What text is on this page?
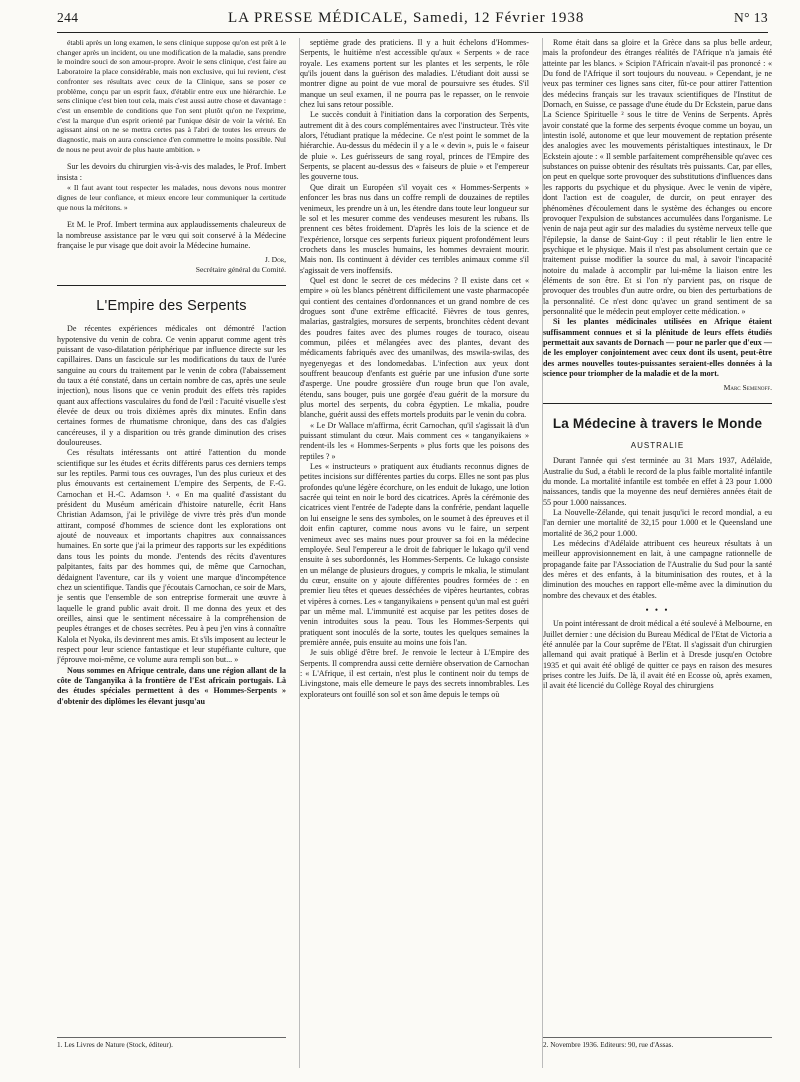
244	LA PRESSE MÉDICALE, Samedi, 12 Février 1938	N° 13

établi après un long examen, le sens clinique suppose qu'on est prêt à le changer après un incident, ou une modification de la maladie, sans prendre le moindre souci de son amour-propre. Avoir le sens clinique, c'est faire au Laboratoire la place considérable, mais non exclusive, qui lui revient, c'est confronter ses résultats avec ceux de la Clinique, sans se poser ce problème, conçu par un esprit faux, d'établir entre eux une hiérarchie. Le sens clinique c'est bien tout cela, mais c'est aussi autre chose et davantage : c'est un ensemble de conditions que l'on sent plutôt qu'on ne l'exprime, c'est la marque d'un esprit orienté par l'unique désir de voir la vérité. En agissant ainsi on ne se mettra certes pas à l'abri de toutes les erreurs de diagnostic, mais on aura conscience d'en commettre le moins possible. Nul de nous ne peut avoir de plus haute ambition. »

Sur les devoirs du chirurgien vis-à-vis des malades, le Prof. Imbert insista :

« Il faut avant tout respecter les malades, nous devons nous montrer dignes de leur confiance, et mieux encore leur communiquer la certitude que nous la méritons. »

Et M. le Prof. Imbert termina aux applaudissements chaleureux de la nombreuse assistance par le vœu qui soit conservé à la Médecine française le pur visage que doit avoir la Médecine humaine.

J. Dor,

Secrétaire général du Comité.

L'Empire des Serpents

De récentes expériences médicales ont démontré l'action hypotensive du venin de cobra. Ce venin apparut comme agent très puissant de vaso-dilatation périphérique par influence directe sur les capillaires. Dans un fascicule sur les modifications du taux de l'urée sanguine au cours du traitement par le venin de cobra (l'abaissement du taux a été constaté, dans un certain nombre de cas, après une seule injection), nous lisons que ce venin produit des effets très rapides quant aux affections vasculaires du fond de l'œil : l'acuité visuelle s'est élevée de deux ou trois dixièmes après dix minutes. Enfin dans certaines formes de rhumatisme chronique, dans des cas d'algies cancéreuses, il y a disparition ou très grande diminution des crises douloureuses.

Ces résultats intéressants ont attiré l'attention du monde scientifique sur les études et écrits différents parus ces derniers temps sur les reptiles. Parmi tous ces ouvrages, l'un des plus curieux et des plus émouvants est certainement L'empire des Serpents, de F.-G. Carnochan et H.-C. Adamson ¹. « En ma qualité d'assistant du président du Muséum américain d'histoire naturelle, écrit Hans Christian Adamson, j'ai le privilège de vivre très près d'un monde attirant, composé d'hommes de science dont les explorations ont ajouté de nouveaux et importants chapitres aux connaissances humaines. En sorte que j'ai la primeur des rapports sur les expéditions dans tous les points du monde. J'entends des récits d'aventures palpitantes, faits par des hommes qui, de même que Carnochan, dédaignent l'aventure, car ils y voient une marque d'incompétence chez un scientifique. Tandis que j'écoutais Carnochan, ce soir de Mars, je sentis que l'ensemble de son entreprise formerait une œuvre à laquelle le grand public avait droit. Il me donna des yeux et des oreilles, ainsi que le sentiment nécessaire à la compréhension de peuples étranges et de choses secrètes. Peu à peu j'en vins à connaître Kalola et Nyoka, ils devinrent mes amis. Et s'ils imposent au lecteur le respect pour leur science fantastique et leur stupéfiante culture, que j'éprouve moi-même, ce volume aura rempli son but... »

Nous sommes en Afrique centrale, dans une région allant de la côte de Tanganyika à la frontière de l'Est africain portugais. Là des études spéciales permettent à des « Hommes-Serpents » d'obtenir des diplômes les élevant jusqu'au

1. Les Livres de Nature (Stock, éditeur).

septième grade des praticiens. Il y a huit échelons d'Hommes-Serpents, le huitième n'est accessible qu'aux « Serpents » de race royale. Les examens portent sur les plantes et les serpents, le rôle qu'ils jouent dans la guérison des maladies. L'étudiant doit aussi se montrer digne au point de vue moral de poursuivre ses études. S'il manque un seul examen, il ne pourra pas le repasser, on le renvoie chez lui sans retour possible.

Le succès conduit à l'initiation dans la corporation des Serpents, autrement dit à des cours complémentaires avec l'instructeur. Très vite alors, l'étudiant pratique la médecine. Ce n'est point le sommet de la hiérarchie. Au-dessus du médecin il y a le « devin », puis le « faiseur de pluie ». Les guérisseurs de sang royal, princes de l'Empire des Serpents, se placent au-dessus des « faiseurs de pluie » et l'empereur les gouverne tous.

Que dirait un Européen s'il voyait ces « Hommes-Serpents » enfoncer les bras nus dans un coffre rempli de douzaines de reptiles venimeux, les prendre un à un, les étendre dans toute leur longueur sur le sol et les mesurer comme des vendeuses mesurent les rubans. Ils prennent ces bêtes froidement. D'après les lois de la science et de l'expérience, lorsque ces serpents furieux piquent profondément leurs crochets dans les muscles humains, les hommes devraient mourir. Mais non. Ils continuent à dévider ces terribles animaux comme s'il s'agissait de vers inoffensifs.

Quel est donc le secret de ces médecins ? Il existe dans cet « empire » où les blancs pénètrent difficilement une vaste pharmacopée qui contient des centaines d'ordonnances et un grand nombre de ces drogues sont d'une extrême efficacité. Fièvres de tous genres, malarias, gastralgies, morsures de serpents, bronchites cèdent devant des poudres faites avec des plumes rouges de touraco, oiseau commun, pilées et mélangées avec des plantes, devant des médicaments fabriqués avec des umanilwas, des mswila-swilas, des nyegenyegas et des londomedabas. L'infection aux yeux dont souffrent beaucoup d'enfants est guérie par une infusion d'une sorte d'asperge. Une poudre grossière d'un rouge brun que l'on avale, étendu, sans bouger, puis une gorgée d'eau guérit de la morsure du plus mortel des serpents, du cobra égyptien. Le mkalia, poudre blanche, guérit aussi des effets mortels produits par le venin du cobra.

« Le Dr Wallace m'affirma, écrit Carnochan, qu'il s'agissait là d'un puissant stimulant du cœur. Mais comment ces « tanganyikaiens » rendent-ils les « Hommes-Serpents » plus forts que les poisons des reptiles ? »

Les « instructeurs » pratiquent aux étudiants reconnus dignes de petites incisions sur différentes parties du corps. Elles ne sont pas plus profondes qu'une légère écorchure, on les enduit de lukago, une lotion sacrée qui teint en noir le bord des cicatrices. Après la cérémonie des cicatrices vient l'entrée de l'adepte dans la confrérie, pendant laquelle on lui enseigne le sens des symboles, on le soumet à des épreuves et il doit enfin capturer, comme nous avons vu le faire, un serpent venimeux avec ses mains nues pour prouver sa foi en la médecine employée. Seul l'empereur a le droit de fabriquer le lukago qu'il vend ensuite à ses subordonnés, les Hommes-Serpents. Ce lukago consiste en un mélange de plusieurs drogues, y compris le mkalia, le stimulant du cœur, ensuite on y ajoute différentes poudres formées de : en premier lieu têtes et queues desséchées de vipères heurtantes, cobras et vipères à cornes. Les « tanganyikaiens » pensent qu'un mal est guéri par un même mal. L'immunité est acquise par les petites doses de venin introduites sous la peau. Tous les Hommes-Serpents qui pratiquent sont inoculés de la sorte, toutes les quelques semaines la première année, puis ensuite au moins une fois l'an.

Je suis obligé d'être bref. Je renvoie le lecteur à L'Empire des Serpents. Il comprendra aussi cette dernière observation de Carnochan : « L'Afrique, il est certain, n'est plus le continent noir du temps de Livingstone, mais elle demeure le pays des secrets innombrables. Les explorateurs ont fouillé son sol et son âme depuis le temps où

Rome était dans sa gloire et la Grèce dans sa plus belle ardeur, mais la profondeur des étranges réalités de l'Afrique n'a jamais été atteinte par les blancs. » Scipion l'Africain n'avait-il pas prononcé : « Du fond de l'Afrique il sort toujours du nouveau. » Cependant, je ne veux pas terminer ces lignes sans citer, fût-ce pour attirer l'attention des médecins français sur les travaux scientifiques de l'Institut de Dornach, en Suisse, ce passage d'une étude du Dr Eckstein, parue dans La Science Spirituelle ² sous le titre de Venins de Serpents. Après avoir constaté que la forme des serpents évoque comme un boyau, un intestin isolé, autonome et que leur mouvement de reptation présente des analogies avec les mouvements péristaltiques intestinaux, le Dr Eckstein ajoute : « Il semble parfaitement compréhensible qu'avec ces substances on puisse obtenir des résultats très puissants. Car, par elles, on peut en quelque sorte provoquer des substitutions d'influences dans les rapports du psychique et du physique. Avec le venin de vipère, dont l'action est de coaguler, de durcir, on peut enrayer des phénomènes d'écoulement dans le système des échanges ou encore provoquer l'expulsion de substances accumulées dans l'organisme. Le venin de naja peut agir sur des maladies du système nerveux telle que l'épilepsie, la danse de Saint-Guy : il peut rétablir le lien entre le psychique et le physique. Mais il n'est pas absolument certain que ce traitement puisse modifier la source du mal, à savoir l'incapacité notoire du malade à accomplir par lui-même la liaison entre les éléments de son être. Et si l'on n'y parvient pas, on risque de provoquer des troubles d'un autre ordre, ou bien des perturbations de la personnalité. Ce n'est donc qu'avec un grand sentiment de sa personnalité que le médecin peut employer cette médication. »

Si les plantes médicinales utilisées en Afrique étaient suffisamment connues et si la plénitude de leurs effets étudiés permettait aux savants de Dornach — pour ne parler que d'eux — de les employer conjointement avec ceux dont ils usent, peut-être des armes nouvelles toutes-puissantes seraient-elles données à la science pour triompher de la maladie et de la mort.

Marc Semenoff.

La Médecine à travers le Monde
AUSTRALIE

Durant l'année qui s'est terminée au 31 Mars 1937, Adélaïde, Australie du Sud, a établi le record de la plus faible mortalité infantile du monde. La mortalité infantile est tombée en effet à 23 pour 1.000 naissances, tandis que la moyenne des neuf dernières années était de 55 pour 1.000 naissances.

La Nouvelle-Zélande, qui tenait jusqu'ici le record mondial, a eu l'an dernier une mortalité de 32,15 pour 1.000 et le Queensland une mortalité de 36,2 pour 1.000.

Les médecins d'Adélaïde attribuent ces heureux résultats à un meilleur approvisionnement en lait, à une campagne rationnelle de propagande faite par l'Association de l'Australie du Sud pour la santé des mères et des enfants, à la bituminisation des routes, et à la diminution des mouches en rapport elle-même avec la diminution du nombre des chevaux et des étables.

• • •

Un point intéressant de droit médical a été soulevé à Melbourne, en Juillet dernier : une décision du Bureau Médical de l'Etat de Victoria a été annulée par la Cour suprême de l'Etat. Il s'agissait d'un chirurgien allemand qui avait pratiqué à Berlin et à Dresde jusqu'en Octobre 1935 et qui avait été obligé de quitter ce pays en raison des mesures prises contre les Juifs. De là, il avait été en Ecosse où, après examen, il avait été licencié du Collège Royal des chirurgiens

2. Novembre 1936. Editeurs: 90, rue d'Assas.
